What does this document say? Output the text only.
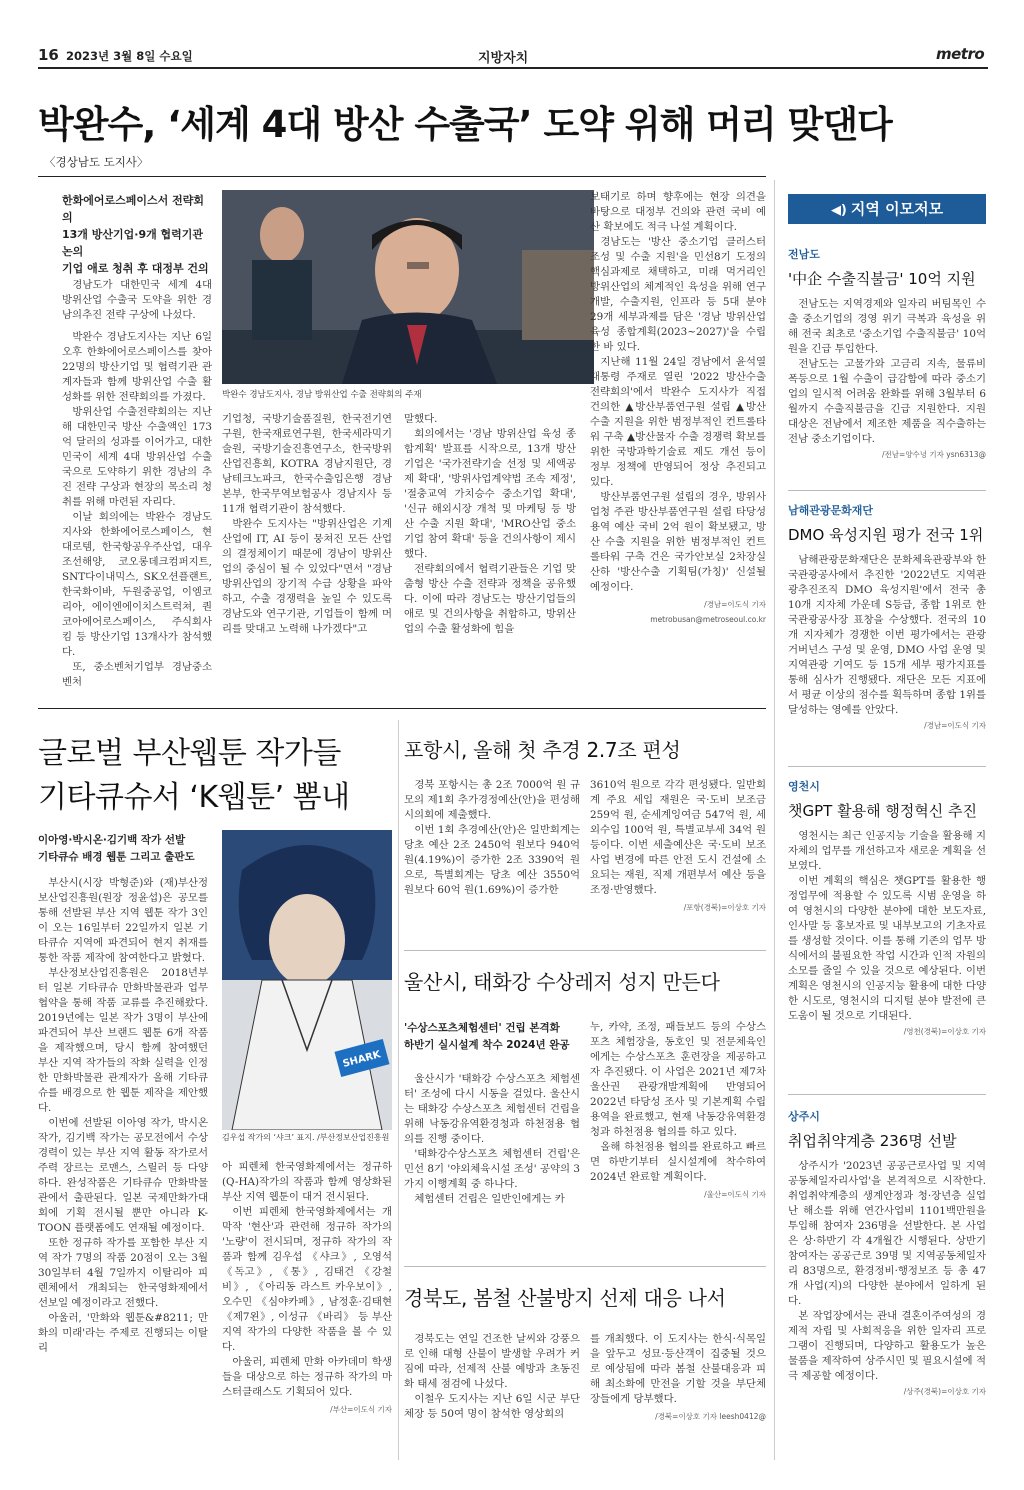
16 2023년 3월 8일 수요일	지방자치	metro
박완수, ‘세계 4대 방산 수출국’ 도약 위해 머리 맞댄다
〈경상남도 도지사〉
한화에어로스페이스서 전략회의
13개 방산기업·9개 협력기관 논의
기업 애로 청취 후 대정부 건의
박완수 경남도지사, 경남 방위산업 수출 전략회의 주재

경남도가 대한민국 세계 4대 방위산업 수출국 도약을 위한 경남의추진 전략 구상에 나섰다.

박완수 경남도지사는 지난 6일 오후 한화에어로스페이스를 찾아 22명의 방산기업 및 협력기관 관계자들과 함께 방위산업 수출 활성화를 위한 전략회의를 가졌다.

방위산업 수출전략회의는 지난해 대한민국 방산 수출액인 173억 달러의 성과를 이어가고, 대한민국이 세계 4대 방위산업 수출국으로 도약하기 위한 경남의 추진 전략 구상과 현장의 목소리 청취를 위해 마련된 자리다.

이날 회의에는 박완수 경남도지사와 한화에어로스페이스, 현대로템, 한국항공우주산업, 대우조선해양, 코오롱데크컴퍼지트, SNT다이내믹스, SK오션플랜트, 한국화이바, 두원중공업, 이엠코리아, 에이엔에이치스트럭쳐, 퀀코아에어로스페이스, 주식회사 킴 등 방산기업 13개사가 참석했다.

또, 중소벤처기업부 경남중소벤처

기업청, 국방기술품질원, 한국전기연구원, 한국재료연구원, 한국세라믹기술원, 국방기술진흥연구소, 한국방위산업진흥회, KOTRA 경남지원단, 경남테크노파크, 한국수출입은행 경남본부, 한국무역보험공사 경남지사 등 11개 협력기관이 참석했다.

박완수 도지사는 "방위산업은 기계산업에 IT, AI 등이 뭉쳐진 모든 산업의 결정체이기 때문에 경남이 방위산업의 중심이 될 수 있었다"면서 "경남 방위산업의 장기적 수급 상황을 파악하고, 수출 경쟁력을 높일 수 있도록 경남도와 연구기관, 기업들이 함께 머리를 맞대고 노력해 나가겠다"고

말했다.

회의에서는 '경남 방위산업 육성 종합계획' 발표를 시작으로, 13개 방산기업은 '국가전략기술 선정 및 세액공제 확대', '방위사업계약법 조속 제정', '절충교역 가치승수 중소기업 확대', '신규 해외시장 개척 및 마케팅 등 방산 수출 지원 확대', 'MRO산업 중소기업 참여 확대' 등을 건의사항이 제시했다.

전략회의에서 협력기관들은 기업 맞춤형 방산 수출 전략과 정책을 공유했다. 이에 따라 경남도는 방산기업들의 애로 및 건의사항을 취합하고, 방위산업의 수출 활성화에 힘을

보태기로 하며 향후에는 현장 의견을 바탕으로 대정부 건의와 관련 국비 예산 확보에도 적극 나설 계획이다.

경남도는 '방산 중소기업 클러스터 조성 및 수출 지원'을 민선8기 도정의 핵심과제로 채택하고, 미래 먹거리인 방위산업의 체계적인 육성을 위해 연구개발, 수출지원, 인프라 등 5대 분야 29개 세부과제를 담은 '경남 방위산업 육성 종합계획(2023~2027)'을 수립한 바 있다.

지난해 11월 24일 경남에서 윤석열 대통령 주재로 열린 '2022 방산수출 전략회의'에서 박완수 도지사가 직접 건의한 ▲방산부품연구원 설립 ▲방산 수출 지원을 위한 범정부적인 컨트롤타워 구축 ▲방산물자 수출 경쟁력 확보를 위한 국방과학기술료 제도 개선 등이 정부 정책에 반영되어 정상 추진되고 있다.

방산부품연구원 설립의 경우, 방위사업청 주관 방산부품연구원 설립 타당성 용역 예산 국비 2억 원이 확보됐고, 방산 수출 지원을 위한 범정부적인 컨트롤타워 구축 건은 국가안보실 2차장실 산하 '방산수출 기획팀(가칭)' 신설될 예정이다.

/경남=이도식 기자 metrobusan@metroseoul.co.kr
글로벌 부산웹툰 작가들
기타큐슈서 ‘K웹툰’ 뽐내
이아영·박시온·김기백 작가 선발
기타큐슈 배경 웹툰 그리고 출판도
SHARK
김우섭 작가의 ‘샤크’ 표지. /부산정보산업진흥원

부산시(시장 박형준)와 (재)부산정보산업진흥원(원장 정윤섭)은 공모를 통해 선발된 부산 지역 웹툰 작가 3인이 오는 16일부터 22일까지 일본 기타큐슈 지역에 파견되어 현지 취재를 통한 작품 제작에 참여한다고 밝혔다.

부산정보산업진흥원은 2018년부터 일본 기타큐슈 만화박물관과 업무협약을 통해 작품 교류를 추진해왔다. 2019년에는 일본 작가 3명이 부산에 파견되어 부산 브랜드 웹툰 6개 작품을 제작했으며, 당시 함께 참여했던 부산 지역 작가들의 작화 실력을 인정한 만화박물관 관계자가 올해 기타큐슈를 배경으로 한 웹툰 제작을 제안했다.

이번에 선발된 이아영 작가, 박시온 작가, 김기백 작가는 공모전에서 수상 경력이 있는 부산 지역 활동 작가로서 주력 장르는 로맨스, 스릴러 등 다양하다. 완성작품은 기타큐슈 만화박물관에서 출판된다. 일본 국제만화가대회에 기획 전시될 뿐만 아니라 K-TOON 플랫폼에도 연재될 예정이다.

또한 정규하 작가를 포함한 부산 지역 작가 7명의 작품 20점이 오는 3월 30일부터 4월 7일까지 이탈리아 피렌체에서 개최되는 한국영화제에서 선보일 예정이라고 전했다.

아울러, '만화와 웹툰&#8211; 만화의 미래'라는 주제로 진행되는 이탈리

아 피렌체 한국영화제에서는 정규하 (Q-HA)작가의 작품과 함께 영상화된 부산 지역 웹툰이 대거 전시된다.

이번 피렌체 한국영화제에서는 개막작 '현산'과 관련해 정규하 작가의 '노량'이 전시되며, 정규하 작가의 작품과 함께 김우섭 《샤크》, 오영석 《독고》, 《통》, 김태건 《강철비》, 《아리동 라스트 카우보이》, 오수민 《심야카페》, 남정훈·김태현 《제7왼》, 이성규 《바리》 등 부산 지역 작가의 다양한 작품을 볼 수 있다.

아울러, 피렌체 만화 아카데미 학생들을 대상으로 하는 정규하 작가의 마스터클래스도 기획되어 있다.

/부산=이도식 기자
포항시, 올해 첫 추경 2.7조 편성

경북 포항시는 총 2조 7000억 원 규모의 제1회 추가경정예산(안)을 편성해 시의회에 제출했다.

이번 1회 추경예산(안)은 일반회계는 당초 예산 2조 2450억 원보다 940억 원(4.19%)이 증가한 2조 3390억 원으로, 특별회계는 당초 예산 3550억 원보다 60억 원(1.69%)이 증가한

3610억 원으로 각각 편성됐다. 일반회계 주요 세입 재원은 국·도비 보조금 259억 원, 순세계잉여금 547억 원, 세외수입 100억 원, 특별교부세 34억 원 등이다. 이번 세출예산은 국·도비 보조사업 변경에 따른 안전 도시 건설에 소요되는 재원, 직제 개편부서 예산 등을 조정·반영했다.

/포항(경북)=이상호 기자
울산시, 태화강 수상레저 성지 만든다
'수상스포츠체험센터' 건립 본격화
하반기 실시설계 착수 2024년 완공

울산시가 '태화강 수상스포츠 체험센터' 조성에 다시 시동을 걸었다. 울산시는 태화강 수상스포츠 체험센터 건립을 위해 낙동강유역환경청과 하천점용 협의를 진행 중이다.

'태화강수상스포츠 체험센터 건립'은 민선 8기 '야외체육시설 조성' 공약의 3가지 이행계획 중 하나다.

체험센터 건립은 일반인에게는 카

누, 카약, 조정, 패들보드 등의 수상스포츠 체험장을, 동호인 및 전문체육인에게는 수상스포츠 훈련장을 제공하고자 추진됐다. 이 사업은 2021년 제7차 울산권 관광개발계획에 반영되어 2022년 타당성 조사 및 기본계획 수립 용역을 완료했고, 현재 낙동강유역환경청과 하천점용 협의를 하고 있다.

올해 하천점용 협의를 완료하고 빠르면 하반기부터 실시설계에 착수하여 2024년 완료할 계획이다.

/울산=이도식 기자
경북도, 봄철 산불방지 선제 대응 나서

경북도는 연일 건조한 날씨와 강풍으로 인해 대형 산불이 발생할 우려가 커짐에 따라, 선제적 산불 예방과 초동진화 태세 점검에 나섰다.

이철우 도지사는 지난 6일 시군 부단체장 등 50여 명이 참석한 영상회의

를 개최했다. 이 도지사는 한식·식목일을 앞두고 성묘·등산객이 집중될 것으로 예상됨에 따라 봄철 산불대응과 피해 최소화에 만전을 기할 것을 부단체장들에게 당부했다.

/경북=이상호 기자 leesh0412@
◀) 지역 이모저모
전남도
'中企 수출직불금' 10억 지원

전남도는 지역경제와 일자리 버팀목인 수출 중소기업의 경영 위기 극복과 육성을 위해 전국 최초로 '중소기업 수출직불금' 10억 원을 긴급 투입한다.

전남도는 고물가와 고금리 지속, 물류비 폭등으로 1월 수출이 급감함에 따라 중소기업의 일시적 어려움 완화를 위해 3월부터 6월까지 수출직불금을 긴급 지원한다. 지원 대상은 전남에서 제조한 제품을 직수출하는 전남 중소기업이다.

/전남=양수녕 기자 ysn6313@
남해관광문화재단
DMO 육성지원 평가 전국 1위

남해관광문화재단은 문화체육관광부와 한국관광공사에서 추진한 '2022년도 지역관광추진조직 DMO 육성지원'에서 전국 총 10개 지자체 가운데 S등급, 종합 1위로 한국관광공사장 표창을 수상했다. 전국의 10개 지자체가 경쟁한 이번 평가에서는 관광 거버넌스 구성 및 운영, DMO 사업 운영 및 지역관광 기여도 등 15개 세부 평가지표를 통해 심사가 진행됐다. 재단은 모든 지표에서 평균 이상의 점수를 획득하며 종합 1위를 달성하는 영예를 안았다.

/경남=이도식 기자
영천시
챗GPT 활용해 행정혁신 추진

영천시는 최근 인공지능 기술을 활용해 지자체의 업무를 개선하고자 새로운 계획을 선보였다.

이번 계획의 핵심은 챗GPT를 활용한 행정업무에 적용할 수 있도록 시범 운영을 하여 영천시의 다양한 분야에 대한 보도자료, 인사말 등 홍보자료 및 내부보고의 기초자료를 생성할 것이다. 이를 통해 기존의 업무 방식에서의 불필요한 작업 시간과 인적 자원의 소모를 줄일 수 있을 것으로 예상된다. 이번 계획은 영천시의 인공지능 활용에 대한 다양한 시도로, 영천시의 디지털 분야 발전에 큰 도움이 될 것으로 기대된다.

/영천(경북)=이상호 기자
상주시
취업취약계층 236명 선발

상주시가 '2023년 공공근로사업 및 지역공동체일자리사업'을 본격적으로 시작한다. 취업취약계층의 생계안정과 청·장년층 실업난 해소를 위해 연간사업비 1101백만원을 투입해 참여자 236명을 선발한다. 본 사업은 상·하반기 각 4개월간 시행된다. 상반기 참여자는 공공근로 39명 및 지역공동체일자리 83명으로, 환경정비·행정보조 등 총 47개 사업(지)의 다양한 분야에서 일하게 된다.

본 작업장에서는 관내 결혼이주여성의 경제적 자립 및 사회적응을 위한 일자리 프로그램이 진행되며, 다양하고 활용도가 높은 물품을 제작하여 상주시민 및 필요시설에 적극 제공할 예정이다.

/상주(경북)=이상호 기자
